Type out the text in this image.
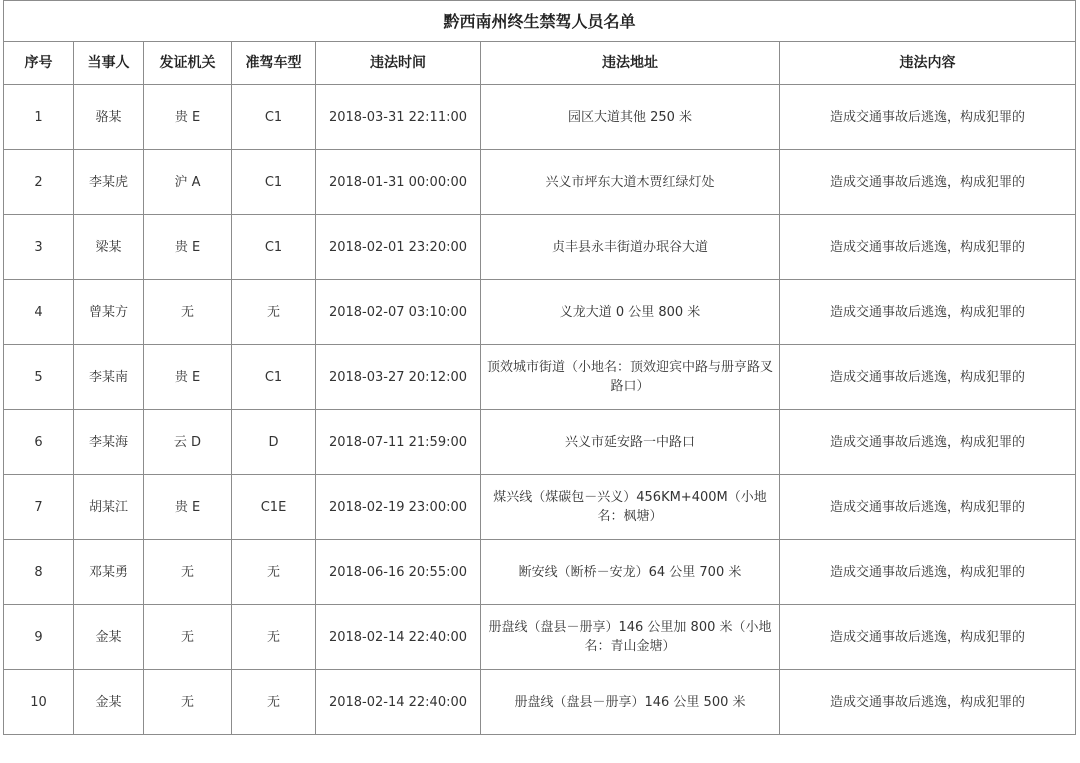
黔西南州终生禁驾人员名单						
序号	当事人	发证机关	准驾车型	违法时间	违法地址	违法内容
1	骆某	贵 E	C1	2018-03-31 22:11:00	园区大道其他 250 米	造成交通事故后逃逸，构成犯罪的
2	李某虎	沪 A	C1	2018-01-31 00:00:00	兴义市坪东大道木贾红绿灯处	造成交通事故后逃逸，构成犯罪的
3	梁某	贵 E	C1	2018-02-01 23:20:00	贞丰县永丰街道办珉谷大道	造成交通事故后逃逸，构成犯罪的
4	曾某方	无	无	2018-02-07 03:10:00	义龙大道 0 公里 800 米	造成交通事故后逃逸，构成犯罪的
5	李某南	贵 E	C1	2018-03-27 20:12:00	顶效城市街道（小地名：顶效迎宾中路与册亨路叉路口）	造成交通事故后逃逸，构成犯罪的
6	李某海	云 D	D	2018-07-11 21:59:00	兴义市延安路一中路口	造成交通事故后逃逸，构成犯罪的
7	胡某江	贵 E	C1E	2018-02-19 23:00:00	煤兴线（煤碳包－兴义）456KM+400M（小地名：枫塘）	造成交通事故后逃逸，构成犯罪的
8	邓某勇	无	无	2018-06-16 20:55:00	断安线（断桥－安龙）64 公里 700 米	造成交通事故后逃逸，构成犯罪的
9	金某	无	无	2018-02-14 22:40:00	册盘线（盘县－册享）146 公里加 800 米（小地名：青山金塘）	造成交通事故后逃逸，构成犯罪的
10	金某	无	无	2018-02-14 22:40:00	册盘线（盘县－册享）146 公里 500 米	造成交通事故后逃逸，构成犯罪的
